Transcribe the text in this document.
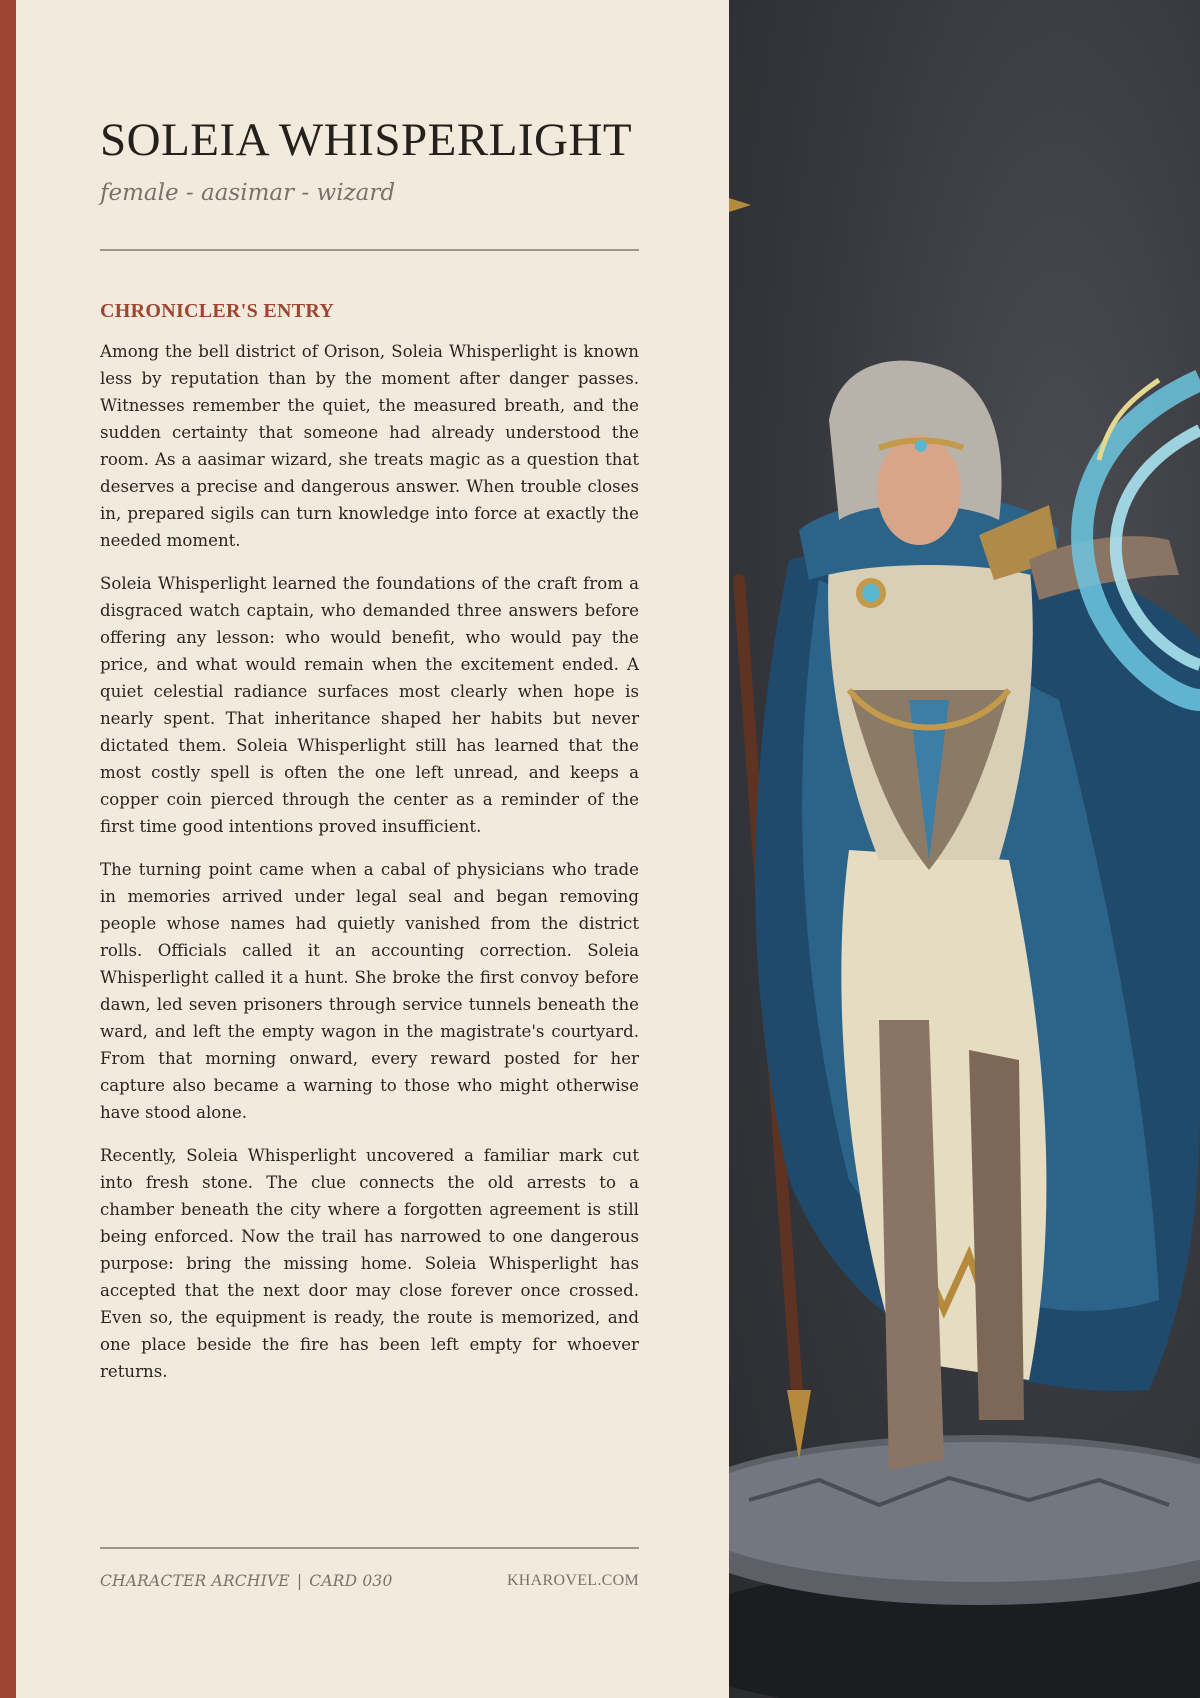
SOLEIA WHISPERLIGHT
female - aasimar - wizard
CHRONICLER'S ENTRY

Among the bell district of Orison, Soleia Whisperlight is known less by reputation than by the moment after danger passes. Witnesses remember the quiet, the measured breath, and the sudden certainty that someone had already understood the room. As a aasimar wizard, she treats magic as a question that deserves a precise and dangerous answer. When trouble closes in, prepared sigils can turn knowledge into force at exactly the needed moment.

Soleia Whisperlight learned the foundations of the craft from a disgraced watch captain, who demanded three answers before offering any lesson: who would benefit, who would pay the price, and what would remain when the excitement ended. A quiet celestial radiance surfaces most clearly when hope is nearly spent. That inheritance shaped her habits but never dictated them. Soleia Whisperlight still has learned that the most costly spell is often the one left unread, and keeps a copper coin pierced through the center as a reminder of the first time good intentions proved insufficient.

The turning point came when a cabal of physicians who trade in memories arrived under legal seal and began removing people whose names had quietly vanished from the district rolls. Officials called it an accounting correction. Soleia Whisperlight called it a hunt. She broke the first convoy before dawn, led seven prisoners through service tunnels beneath the ward, and left the empty wagon in the magistrate's courtyard. From that morning onward, every reward posted for her capture also became a warning to those who might otherwise have stood alone.

Recently, Soleia Whisperlight uncovered a familiar mark cut into fresh stone. The clue connects the old arrests to a chamber beneath the city where a forgotten agreement is still being enforced. Now the trail has narrowed to one dangerous purpose: bring the missing home. Soleia Whisperlight has accepted that the next door may close forever once crossed. Even so, the equipment is ready, the route is memorized, and one place beside the fire has been left empty for whoever returns.

CHARACTER ARCHIVE | CARD 030	KHAROVEL.COM
